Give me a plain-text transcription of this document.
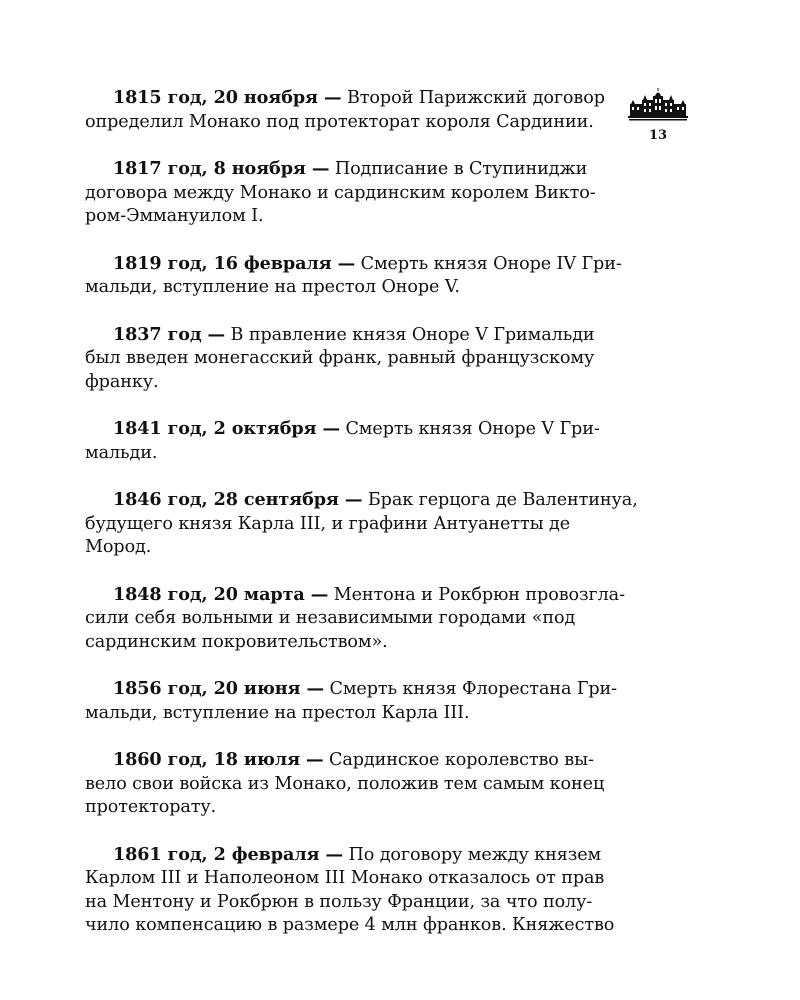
13
1815 год, 20 ноября — Второй Парижский договор
определил Монако под протекторат короля Сардинии.
1817 год, 8 ноября — Подписание в Ступиниджи
договора между Монако и сардинским королем Викто-
ром-Эммануилом I.
1819 год, 16 февраля — Смерть князя Оноре IV Гри-
мальди, вступление на престол Оноре V.
1837 год — В правление князя Оноре V Гримальди
был введен монегасский франк, равный французскому
франку.
1841 год, 2 октября — Смерть князя Оноре V Гри-
мальди.
1846 год, 28 сентября — Брак герцога де Валентинуа,
будущего князя Карла III, и графини Антуанетты де
Мород.
1848 год, 20 марта — Ментона и Рокбрюн провозгла-
сили себя вольными и независимыми городами «под
сардинским покровительством».
1856 год, 20 июня — Смерть князя Флорестана Гри-
мальди, вступление на престол Карла III.
1860 год, 18 июля — Сардинское королевство вы-
вело свои войска из Монако, положив тем самым конец
протекторату.
1861 год, 2 февраля — По договору между князем
Карлом III и Наполеоном III Монако отказалось от прав
на Ментону и Рокбрюн в пользу Франции, за что полу-
чило компенсацию в размере 4 млн франков. Княжество
